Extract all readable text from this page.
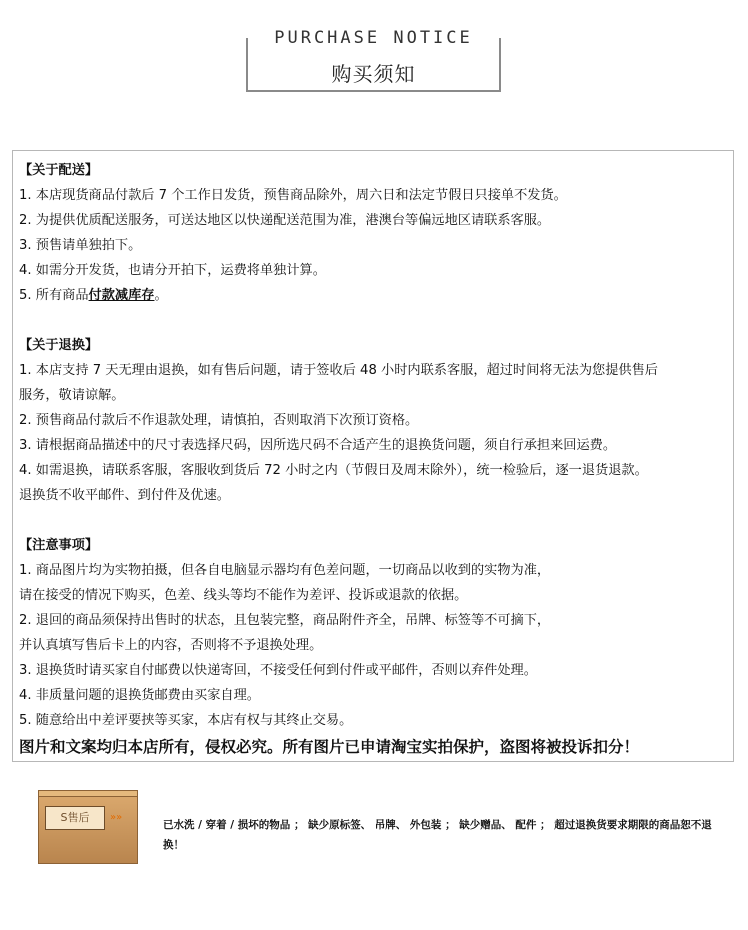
PURCHASE NOTICE
购买须知
【关于配送】
1. 本店现货商品付款后 7 个工作日发货，预售商品除外，周六日和法定节假日只接单不发货。
2. 为提供优质配送服务，可送达地区以快递配送范围为准，港澳台等偏远地区请联系客服。
3. 预售请单独拍下。
4. 如需分开发货，也请分开拍下，运费将单独计算。
5. 所有商品付款减库存。
【关于退换】
1. 本店支持 7 天无理由退换，如有售后问题，请于签收后 48 小时内联系客服，超过时间将无法为您提供售后
服务，敬请谅解。
2. 预售商品付款后不作退款处理，请慎拍，否则取消下次预订资格。
3. 请根据商品描述中的尺寸表选择尺码，因所选尺码不合适产生的退换货问题，须自行承担来回运费。
4. 如需退换，请联系客服，客服收到货后 72 小时之内（节假日及周末除外），统一检验后，逐一退货退款。
退换货不收平邮件、到付件及优速。
【注意事项】
1. 商品图片均为实物拍摄，但各自电脑显示器均有色差问题，一切商品以收到的实物为准，
请在接受的情况下购买，色差、线头等均不能作为差评、投诉或退款的依据。
2. 退回的商品须保持出售时的状态，且包装完整，商品附件齐全，吊牌、标签等不可摘下，
并认真填写售后卡上的内容，否则将不予退换处理。
3. 退换货时请买家自付邮费以快递寄回，不接受任何到付件或平邮件，否则以弃件处理。
4. 非质量问题的退换货邮费由买家自理。
5. 随意给出中差评要挟等买家，本店有权与其终止交易。
图片和文案均归本店所有，侵权必究。所有图片已申请淘宝实拍保护，盗图将被投诉扣分！
S售后	»»
已水洗 / 穿着 / 损坏的物品 ； 缺少原标签、 吊牌、 外包装 ； 缺少赠品、 配件 ； 超过退换货要求期限的商品恕不退换！
